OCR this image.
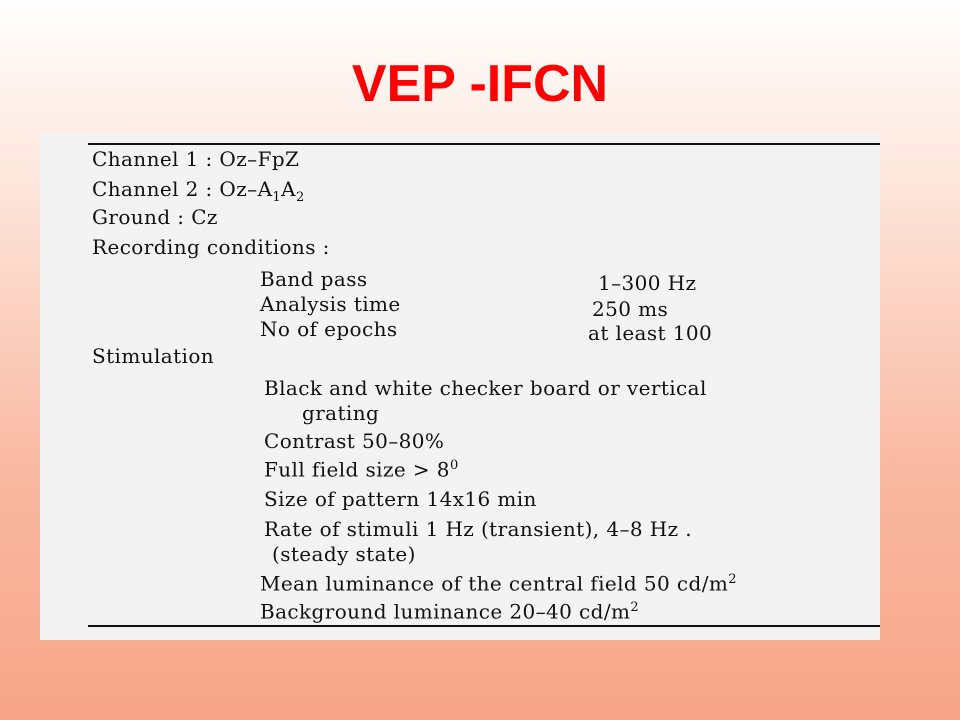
VEP -IFCN
Channel 1 : Oz–FpZ
Channel 2 : $Oz-A_1A_2$
Ground : Cz
Recording conditions :
Band pass	1–300 Hz
Analysis time	250 ms
No of epochs	at least 100
Stimulation
Black and white checker board or vertical
grating
Contrast 50–80%
Full field size > $8^0$
Size of pattern 14x16 min
Rate of stimuli 1 Hz (transient), 4–8 Hz .
(steady state)
Mean luminance of the central field 50 $cd/m^2$
Background luminance 20–40 $cd/m^2$
